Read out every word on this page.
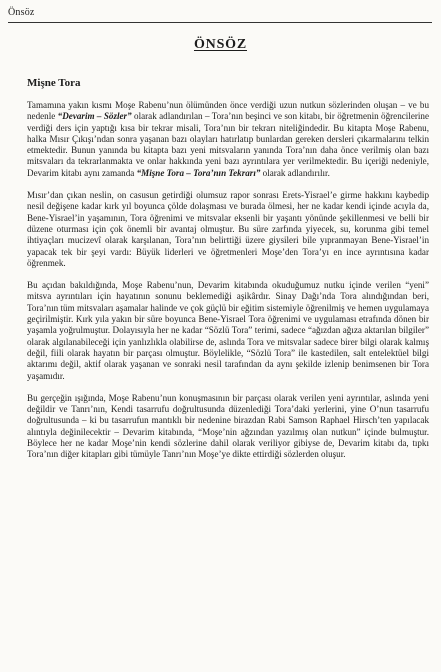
Önsöz
ÖNSÖZ
Mişne Tora

Tamamına yakın kısmı Moşe Rabenu’nun ölümünden önce verdiği uzun nutkun sözlerinden oluşan – ve bu nedenle “Devarim – Sözler” olarak adlandırılan – Tora’nın beşinci ve son kitabı, bir öğretmenin öğrencilerine verdiği ders için yaptığı kısa bir tekrar misali, Tora’nın bir tekrarı niteliğindedir. Bu kitapta Moşe Rabenu, halka Mısır Çıkışı’ndan sonra yaşanan bazı olayları hatırlatıp bunlardan gereken dersleri çıkarmalarını telkin etmektedir. Bunun yanında bu kitapta bazı yeni mitsvaların yanında Tora’nın daha önce verilmiş olan bazı mitsvaları da tekrarlanmakta ve onlar hakkında yeni bazı ayrıntılara yer verilmektedir. Bu içeriği nedeniyle, Devarim kitabı aynı zamanda “Mişne Tora – Tora’nın Tekrarı” olarak adlandırılır.

Mısır’dan çıkan neslin, on casusun getirdiği olumsuz rapor sonrası Erets-Yisrael’e girme hakkını kaybedip nesil değişene kadar kırk yıl boyunca çölde dolaşması ve burada ölmesi, her ne kadar kendi içinde acıyla da, Bene-Yisrael’in yaşamının, Tora öğrenimi ve mitsvalar eksenli bir yaşantı yönünde şekillenmesi ve belli bir düzene oturması için çok önemli bir avantaj olmuştur. Bu süre zarfında yiyecek, su, korunma gibi temel ihtiyaçları mucizevî olarak karşılanan, Tora’nın belirttiği üzere giysileri bile yıpranmayan Bene-Yisrael’in yapacak tek bir şeyi vardı: Büyük liderleri ve öğretmenleri Moşe’den Tora’yı en ince ayrıntısına kadar öğrenmek.

Bu açıdan bakıldığında, Moşe Rabenu’nun, Devarim kitabında okuduğumuz nutku içinde verilen “yeni” mitsva ayrıntıları için hayatının sonunu beklemediği aşikârdır. Sinay Dağı’nda Tora alındığından beri, Tora’nın tüm mitsvaları aşamalar halinde ve çok güçlü bir eğitim sistemiyle öğrenilmiş ve hemen uygulamaya geçirilmiştir. Kırk yıla yakın bir süre boyunca Bene-Yisrael Tora öğrenimi ve uygulaması etrafında dönen bir yaşamla yoğrulmuştur. Dolayısıyla her ne kadar “Sözlü Tora” terimi, sadece “ağızdan ağıza aktarılan bilgiler” olarak algılanabileceği için yanlızlıkla olabilirse de, aslında Tora ve mitsvalar sadece birer bilgi olarak kalmış değil, fiili olarak hayatın bir parçası olmuştur. Böylelikle, “Sözlü Tora” ile kastedilen, salt entelektüel bilgi aktarımı değil, aktif olarak yaşanan ve sonraki nesil tarafından da aynı şekilde izlenip benimsenen bir Tora yaşamıdır.

Bu gerçeğin ışığında, Moşe Rabenu’nun konuşmasının bir parçası olarak verilen yeni ayrıntılar, aslında yeni değildir ve Tanrı’nın, Kendi tasarrufu doğrultusunda düzenlediği Tora’daki yerlerini, yine O’nun tasarrufu doğrultusunda – ki bu tasarrufun mantıklı bir nedenine birazdan Rabi Samson Raphael Hirsch’ten yapılacak alıntıyla değinilecektir – Devarim kitabında, “Moşe’nin ağzından yazılmış olan nutkun” içinde bulmuştur. Böylece her ne kadar Moşe’nin kendi sözlerine dahil olarak veriliyor gibiyse de, Devarim kitabı da, tıpkı Tora’nın diğer kitapları gibi tümüyle Tanrı’nın Moşe’ye dikte ettirdiği sözlerden oluşur.
